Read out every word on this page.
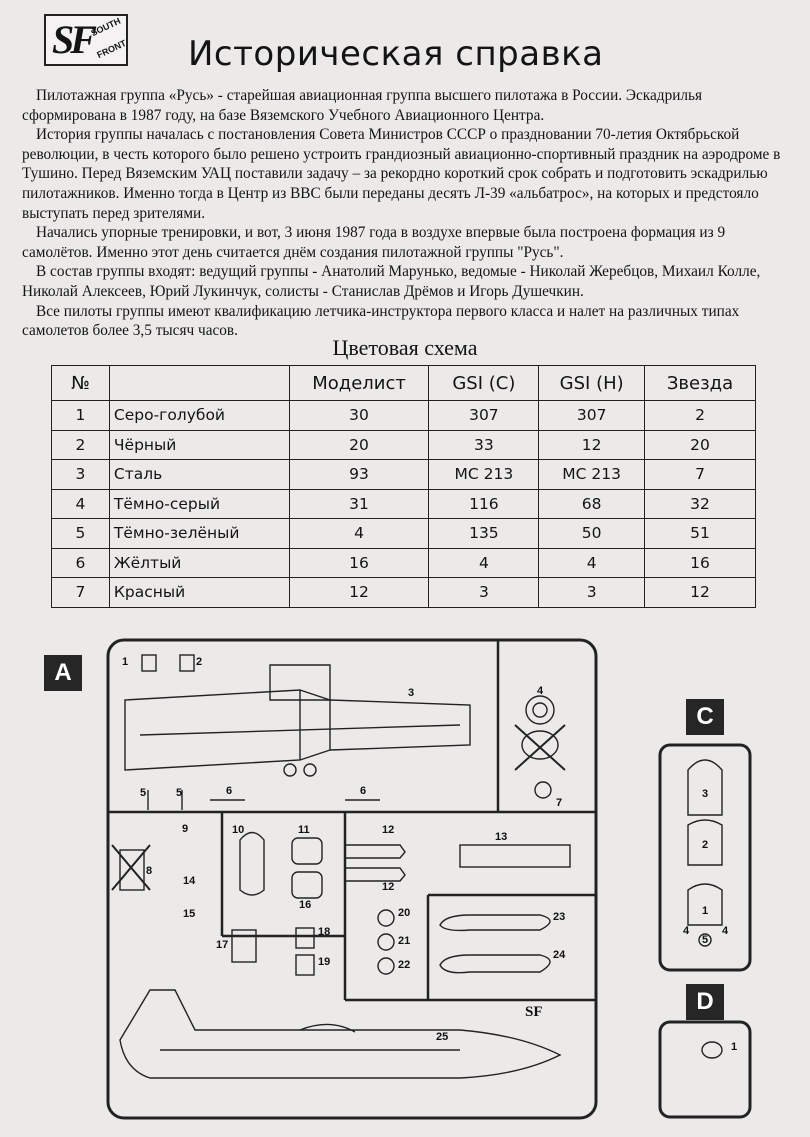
SF
SOUTH
FRONT Историческая справка

Пилотажная группа «Русь» - старейшая авиационная группа высшего пилотажа в России. Эскадрилья сформирована в 1987 году, на базе Вяземского Учебного Авиационного Центра.

История группы началась с постановления Совета Министров СССР о праздновании 70-летия Октябрьской революции, в честь которого было решено устроить грандиозный авиационно-спортивный праздник на аэродроме в Тушино. Перед Вяземским УАЦ поставили задачу – за рекордно короткий срок собрать и подготовить эскадрилью пилотажников. Именно тогда в Центр из ВВС были переданы десять Л-39 «альбатрос», на которых и предстояло выступать перед зрителями.

Начались упорные тренировки, и вот, 3 июня 1987 года в воздухе впервые была построена формация из 9 самолётов. Именно этот день считается днём создания пилотажной группы "Русь".

В состав группы входят: ведущий группы - Анатолий Марунько, ведомые - Николай Жеребцов, Михаил Колле, Николай Алексеев, Юрий Лукинчук, солисты - Станислав Дрёмов и Игорь Душечкин.

Все пилоты группы имеют квалификацию летчика-инструктора первого класса и налет на различных типах самолетов более 3,5 тысяч часов.

Цветовая схема
№		Моделист	GSI (C)	GSI (H)	Звезда
1	Серо-голубой	30	307	307	2
2	Чёрный	20	33	12	20
3	Сталь	93	MC 213	MC 213	7
4	Тёмно-серый	31	116	68	32
5	Тёмно-зелёный	4	135	50	51
6	Жёлтый	16	4	4	16
7	Красный	12	3	3	12
A
C
D
1	2
3	4
5	5	6	6
7
8
9	10	11	12
12
13
14
15
16
17
18
19
20
21
22
23
24
25
SF
3
2
1
4
5
4
1
